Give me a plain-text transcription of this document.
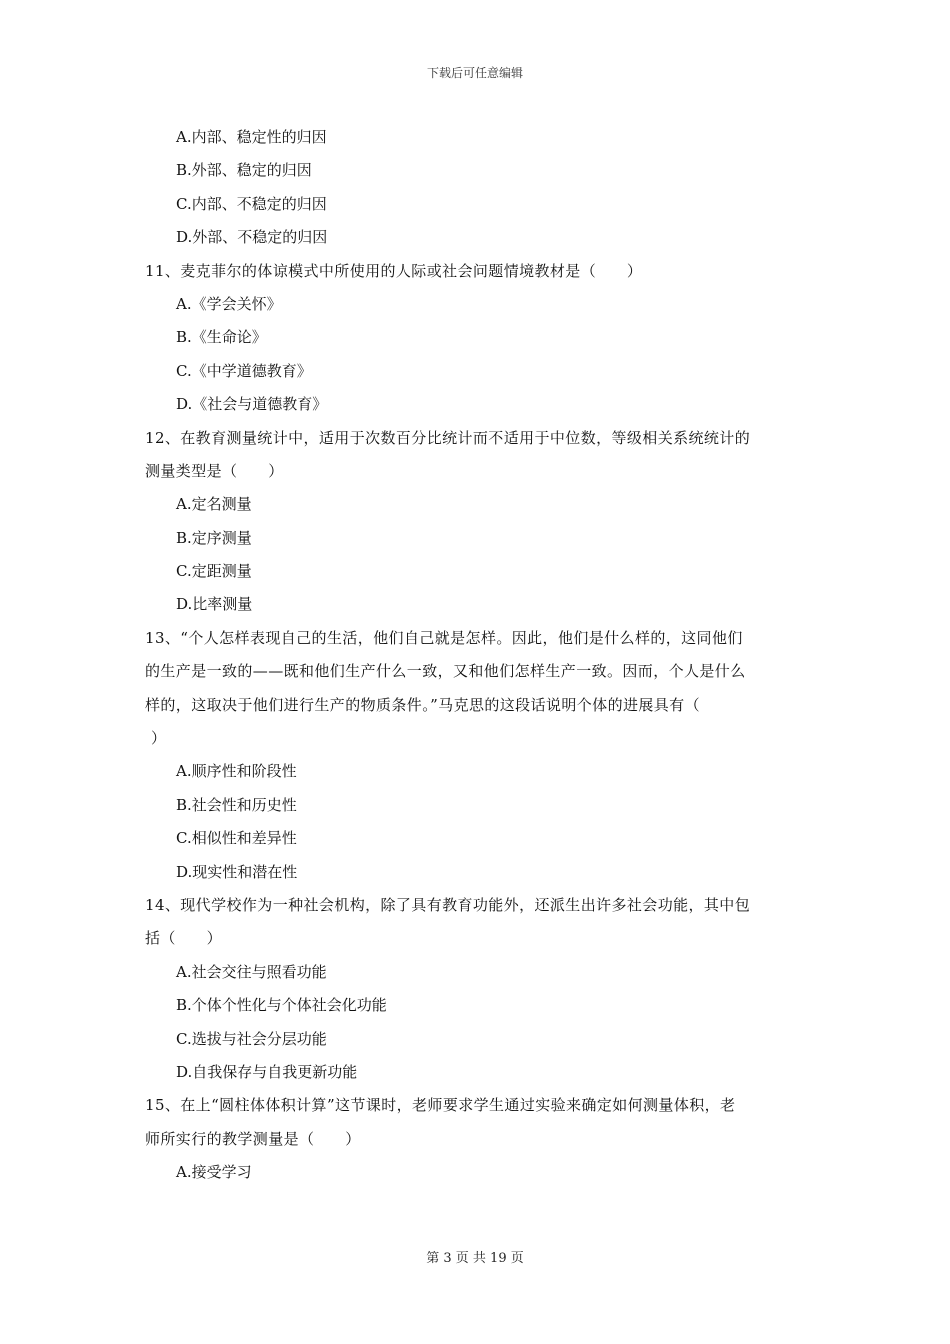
下载后可任意编辑
A.内部、稳定性的归因
B.外部、稳定的归因
C.内部、不稳定的归因
D.外部、不稳定的归因
11、麦克菲尔的体谅模式中所使用的人际或社会问题情境教材是（　　）
A.《学会关怀》
B.《生命论》
C.《中学道德教育》
D.《社会与道德教育》
12、在教育测量统计中，适用于次数百分比统计而不适用于中位数，等级相关系统统计的
测量类型是（　　）
A.定名测量
B.定序测量
C.定距测量
D.比率测量
13、“个人怎样表现自己的生活，他们自己就是怎样。因此，他们是什么样的，这同他们
的生产是一致的——既和他们生产什么一致，又和他们怎样生产一致。因而，个人是什么
样的，这取决于他们进行生产的物质条件。”马克思的这段话说明个体的进展具有（
）
A.顺序性和阶段性
B.社会性和历史性
C.相似性和差异性
D.现实性和潜在性
14、现代学校作为一种社会机构，除了具有教育功能外，还派生出许多社会功能，其中包
括（　　）
A.社会交往与照看功能
B.个体个性化与个体社会化功能
C.选拔与社会分层功能
D.自我保存与自我更新功能
15、在上“圆柱体体积计算”这节课时，老师要求学生通过实验来确定如何测量体积，老
师所实行的教学测量是（　　）
A.接受学习
第 3 页 共 19 页
